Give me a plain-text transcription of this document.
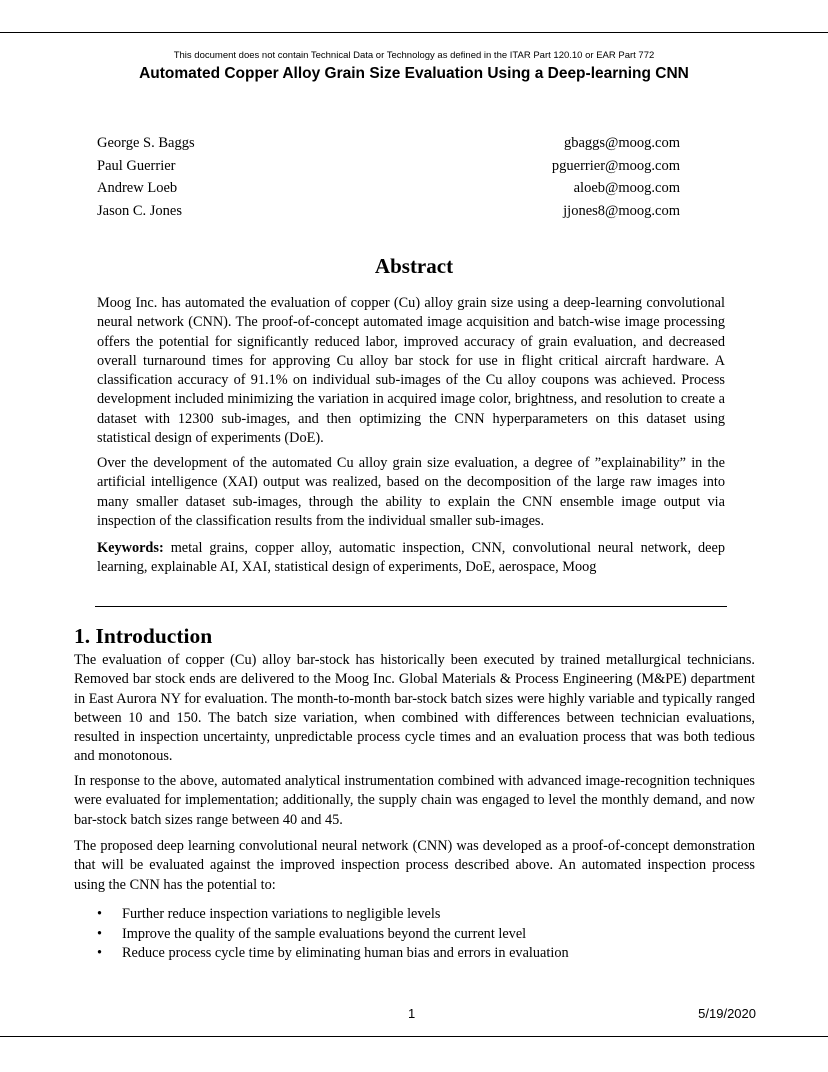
This document does not contain Technical Data or Technology as defined in the ITAR Part 120.10 or EAR Part 772
Automated Copper Alloy Grain Size Evaluation Using a Deep-learning CNN
George S. Baggs	gbaggs@moog.com
Paul Guerrier	pguerrier@moog.com
Andrew Loeb	aloeb@moog.com
Jason C. Jones	jjones8@moog.com
Abstract

Moog Inc. has automated the evaluation of copper (Cu) alloy grain size using a deep-learning convolutional neural network (CNN). The proof-of-concept automated image acquisition and batch-wise image processing offers the potential for significantly reduced labor, improved accuracy of grain evaluation, and decreased overall turnaround times for approving Cu alloy bar stock for use in flight critical aircraft hardware. A classification accuracy of 91.1% on individual sub-images of the Cu alloy coupons was achieved. Process development included minimizing the variation in acquired image color, brightness, and resolution to create a dataset with 12300 sub-images, and then optimizing the CNN hyperparameters on this dataset using statistical design of experiments (DoE).

Over the development of the automated Cu alloy grain size evaluation, a degree of ”explainability” in the artificial intelligence (XAI) output was realized, based on the decomposition of the large raw images into many smaller dataset sub-images, through the ability to explain the CNN ensemble image output via inspection of the classification results from the individual smaller sub-images.

Keywords: metal grains, copper alloy, automatic inspection, CNN, convolutional neural network, deep learning, explainable AI, XAI, statistical design of experiments, DoE, aerospace, Moog

1. Introduction

The evaluation of copper (Cu) alloy bar-stock has historically been executed by trained metallurgical technicians. Removed bar stock ends are delivered to the Moog Inc. Global Materials & Process Engineering (M&PE) department in East Aurora NY for evaluation. The month-to-month bar-stock batch sizes were highly variable and typically ranged between 10 and 150. The batch size variation, when combined with differences between technician evaluations, resulted in inspection uncertainty, unpredictable process cycle times and an evaluation process that was both tedious and monotonous.

In response to the above, automated analytical instrumentation combined with advanced image-recognition techniques were evaluated for implementation; additionally, the supply chain was engaged to level the monthly demand, and now bar-stock batch sizes range between 40 and 45.

The proposed deep learning convolutional neural network (CNN) was developed as a proof-of-concept demonstration that will be evaluated against the improved inspection process described above. An automated inspection process using the CNN has the potential to:

• Further reduce inspection variations to negligible levels
• Improve the quality of the sample evaluations beyond the current level
• Reduce process cycle time by eliminating human bias and errors in evaluation
1	5/19/2020
